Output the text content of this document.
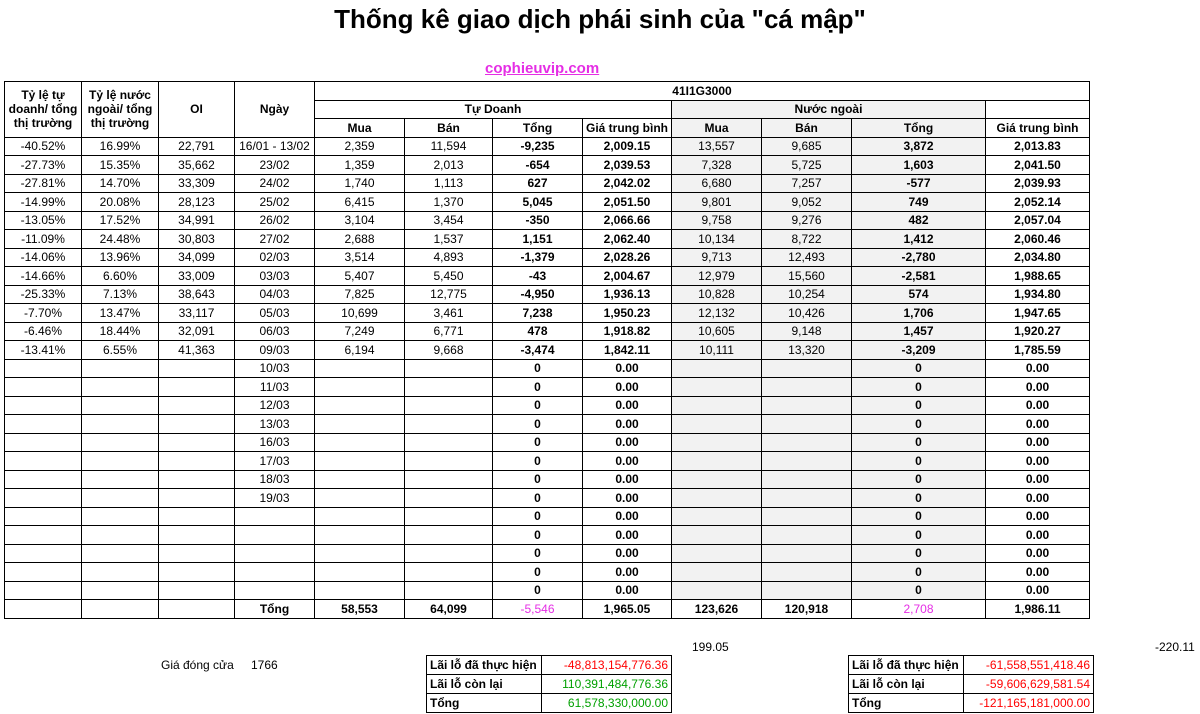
Thống kê giao dịch phái sinh của "cá mập"
cophieuvip.com
Tỷ lệ tự doanh/ tổng thị trường	Tỷ lệ nước ngoài/ tổng thị trường	OI	Ngày	41I1G3000							
				Tự Doanh				Nước ngoài			
				Mua	Bán	Tổng	Giá trung bình	Mua	Bán	Tổng	Giá trung bình
-40.52%	16.99%	22,791	16/01 - 13/02	2,359	11,594	-9,235	2,009.15	13,557	9,685	3,872	2,013.83
-27.73%	15.35%	35,662	23/02	1,359	2,013	-654	2,039.53	7,328	5,725	1,603	2,041.50
-27.81%	14.70%	33,309	24/02	1,740	1,113	627	2,042.02	6,680	7,257	-577	2,039.93
-14.99%	20.08%	28,123	25/02	6,415	1,370	5,045	2,051.50	9,801	9,052	749	2,052.14
-13.05%	17.52%	34,991	26/02	3,104	3,454	-350	2,066.66	9,758	9,276	482	2,057.04
-11.09%	24.48%	30,803	27/02	2,688	1,537	1,151	2,062.40	10,134	8,722	1,412	2,060.46
-14.06%	13.96%	34,099	02/03	3,514	4,893	-1,379	2,028.26	9,713	12,493	-2,780	2,034.80
-14.66%	6.60%	33,009	03/03	5,407	5,450	-43	2,004.67	12,979	15,560	-2,581	1,988.65
-25.33%	7.13%	38,643	04/03	7,825	12,775	-4,950	1,936.13	10,828	10,254	574	1,934.80
-7.70%	13.47%	33,117	05/03	10,699	3,461	7,238	1,950.23	12,132	10,426	1,706	1,947.65
-6.46%	18.44%	32,091	06/03	7,249	6,771	478	1,918.82	10,605	9,148	1,457	1,920.27
-13.41%	6.55%	41,363	09/03	6,194	9,668	-3,474	1,842.11	10,111	13,320	-3,209	1,785.59
			10/03			0	0.00			0	0.00
			11/03			0	0.00			0	0.00
			12/03			0	0.00			0	0.00
			13/03			0	0.00			0	0.00
			16/03			0	0.00			0	0.00
			17/03			0	0.00			0	0.00
			18/03			0	0.00			0	0.00
			19/03			0	0.00			0	0.00
						0	0.00			0	0.00
						0	0.00			0	0.00
						0	0.00			0	0.00
						0	0.00			0	0.00
						0	0.00			0	0.00
			Tổng	58,553	64,099	-5,546	1,965.05	123,626	120,918	2,708	1,986.11
199.05	-220.11
Giá đóng cửa 1766	Lãi lỗ đã thực hiện	-48,813,154,776.36
Lãi lỗ còn lại	110,391,484,776.36
Tổng	61,578,330,000.00
Lãi lỗ đã thực hiện	-61,558,551,418.46
Lãi lỗ còn lại	-59,606,629,581.54
Tổng	-121,165,181,000.00
